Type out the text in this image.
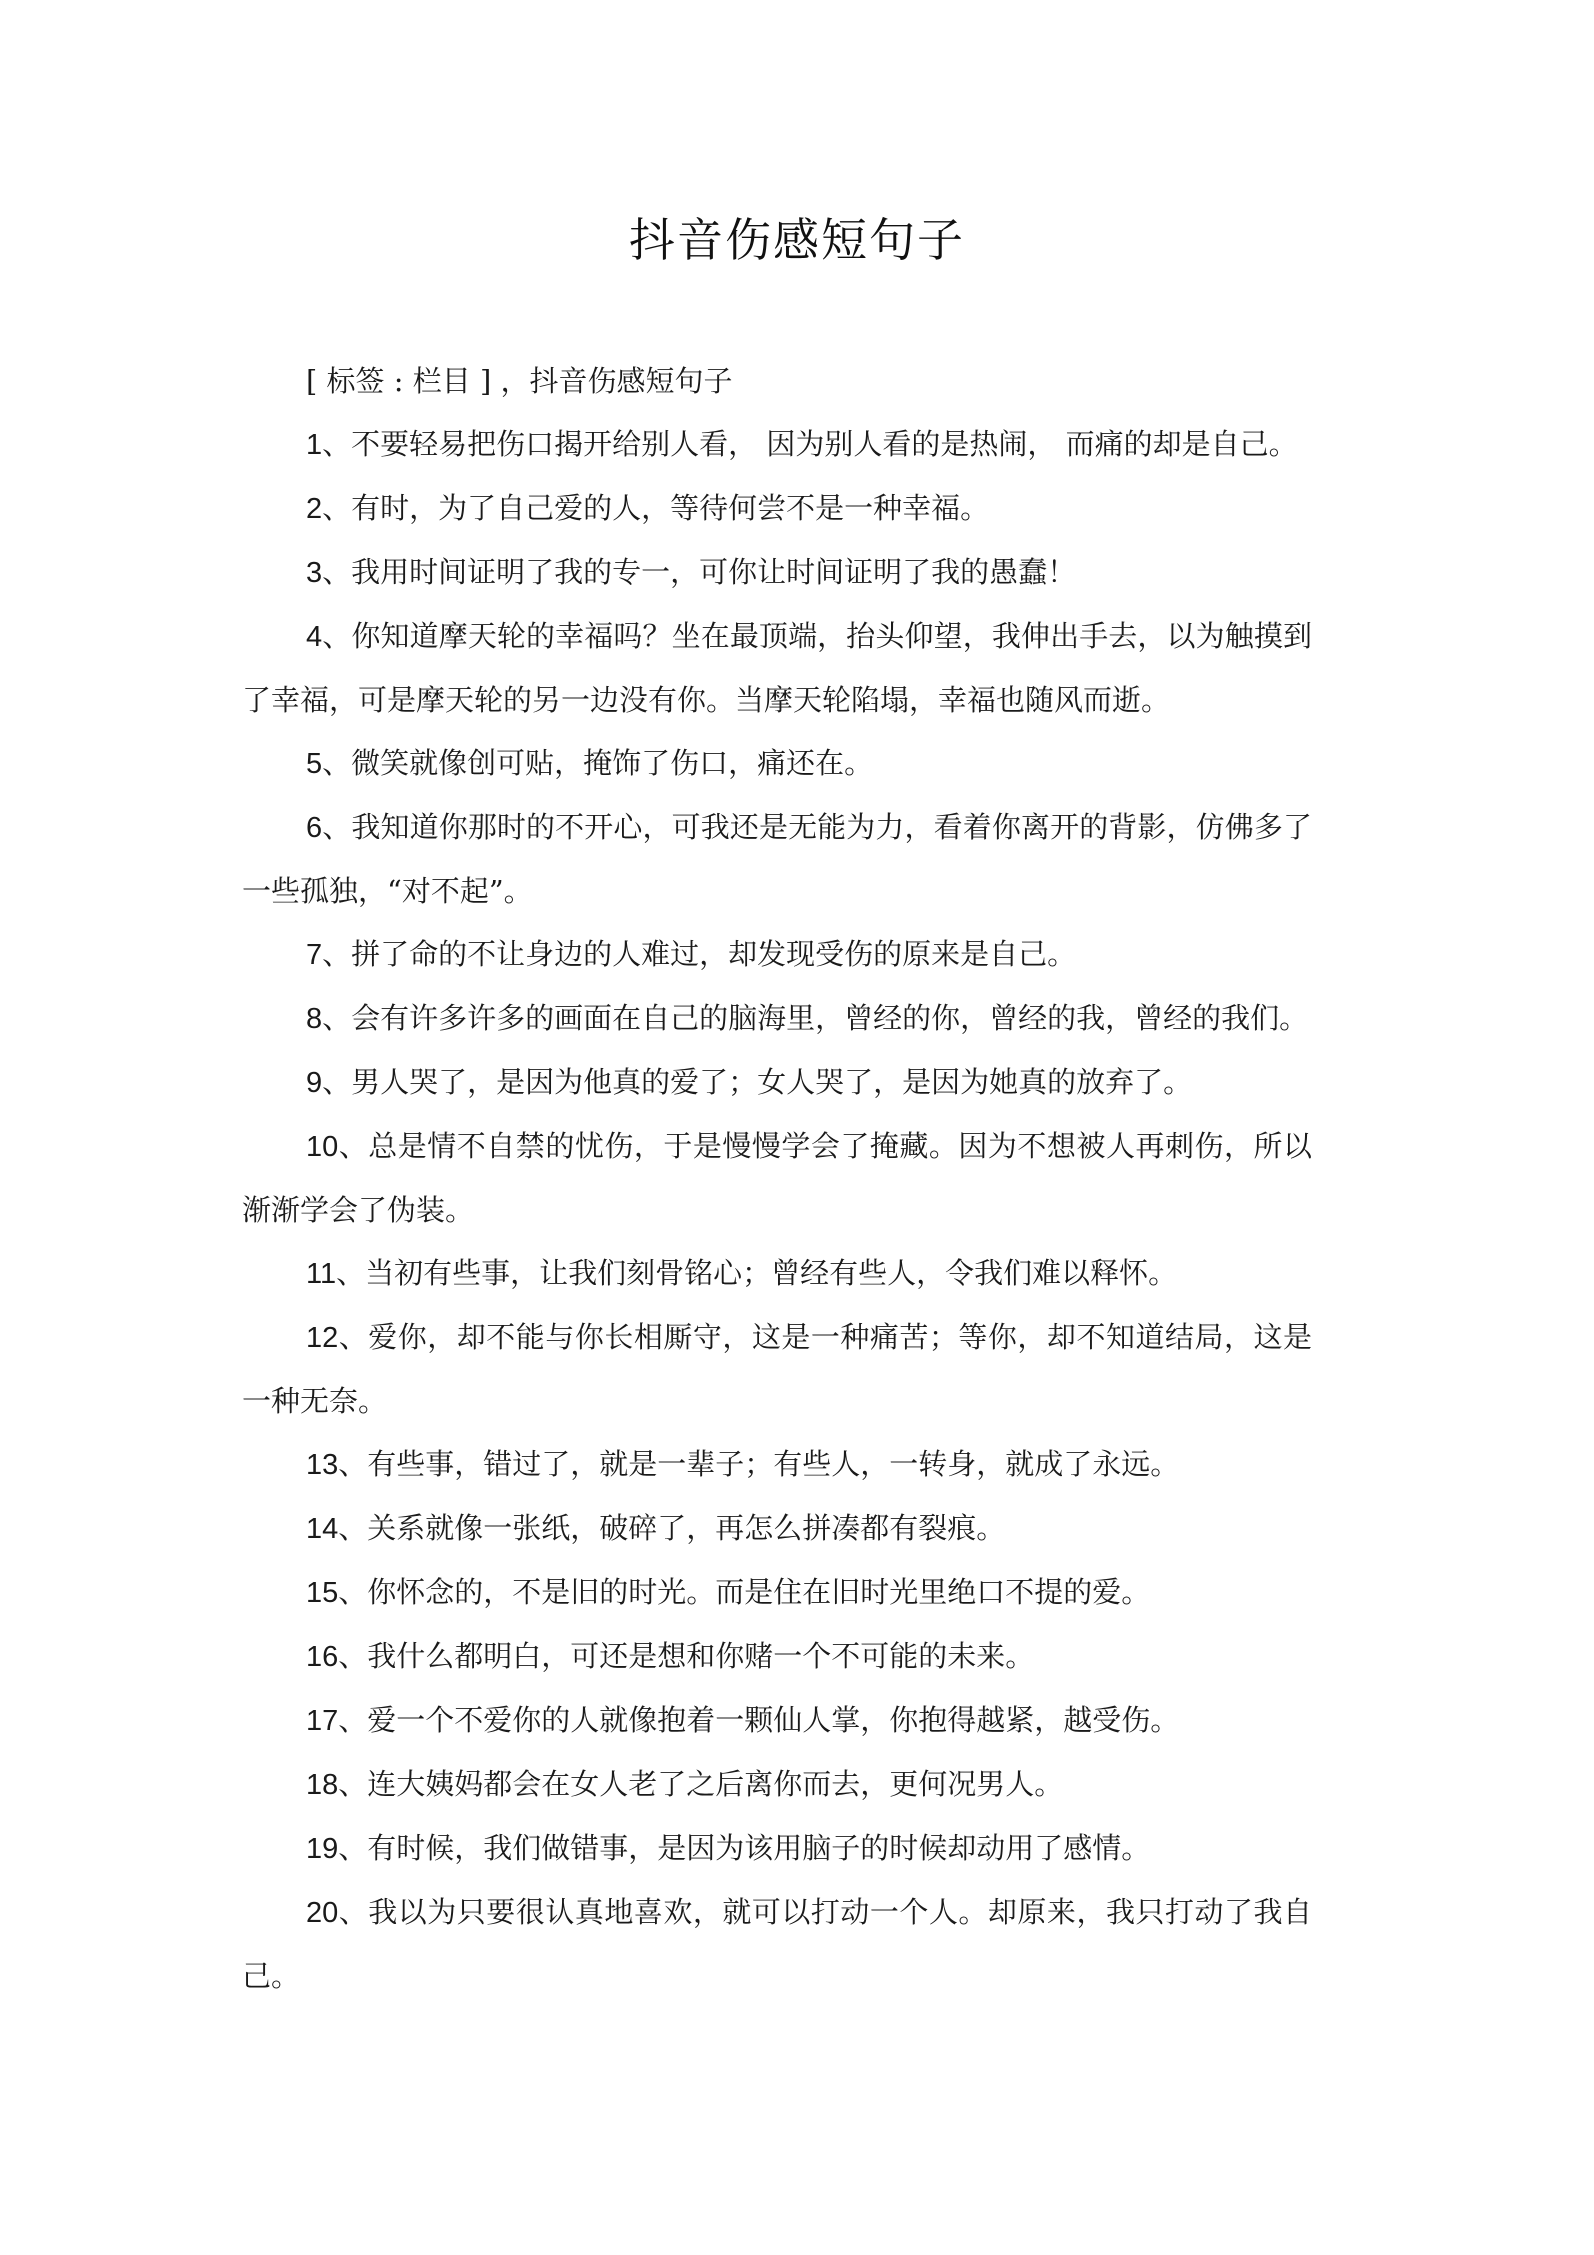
抖音伤感短句子

[ 标签 : 栏目 ] ，抖音伤感短句子

1、不要轻易把伤口揭开给别人看， 因为别人看的是热闹， 而痛的却是自己。

2、有时，为了自己爱的人，等待何尝不是一种幸福。

3、我用时间证明了我的专一，可你让时间证明了我的愚蠢！

4、你知道摩天轮的幸福吗？坐在最顶端，抬头仰望，我伸出手去，以为触摸到了幸福，可是摩天轮的另一边没有你。当摩天轮陷塌，幸福也随风而逝。

5、微笑就像创可贴，掩饰了伤口，痛还在。

6、我知道你那时的不开心，可我还是无能为力，看着你离开的背影，仿佛多了一些孤独，“对不起”。

7、拼了命的不让身边的人难过，却发现受伤的原来是自己。

8、会有许多许多的画面在自己的脑海里，曾经的你，曾经的我，曾经的我们。

9、男人哭了，是因为他真的爱了；女人哭了，是因为她真的放弃了。

10、总是情不自禁的忧伤，于是慢慢学会了掩藏。因为不想被人再刺伤，所以渐渐学会了伪装。

11、当初有些事，让我们刻骨铭心；曾经有些人，令我们难以释怀。

12、爱你，却不能与你长相厮守，这是一种痛苦；等你，却不知道结局，这是一种无奈。

13、有些事，错过了，就是一辈子；有些人，一转身，就成了永远。

14、关系就像一张纸，破碎了，再怎么拼凑都有裂痕。

15、你怀念的，不是旧的时光。而是住在旧时光里绝口不提的爱。

16、我什么都明白，可还是想和你赌一个不可能的未来。

17、爱一个不爱你的人就像抱着一颗仙人掌，你抱得越紧，越受伤。

18、连大姨妈都会在女人老了之后离你而去，更何况男人。

19、有时候，我们做错事，是因为该用脑子的时候却动用了感情。

20、我以为只要很认真地喜欢，就可以打动一个人。却原来，我只打动了我自己。
